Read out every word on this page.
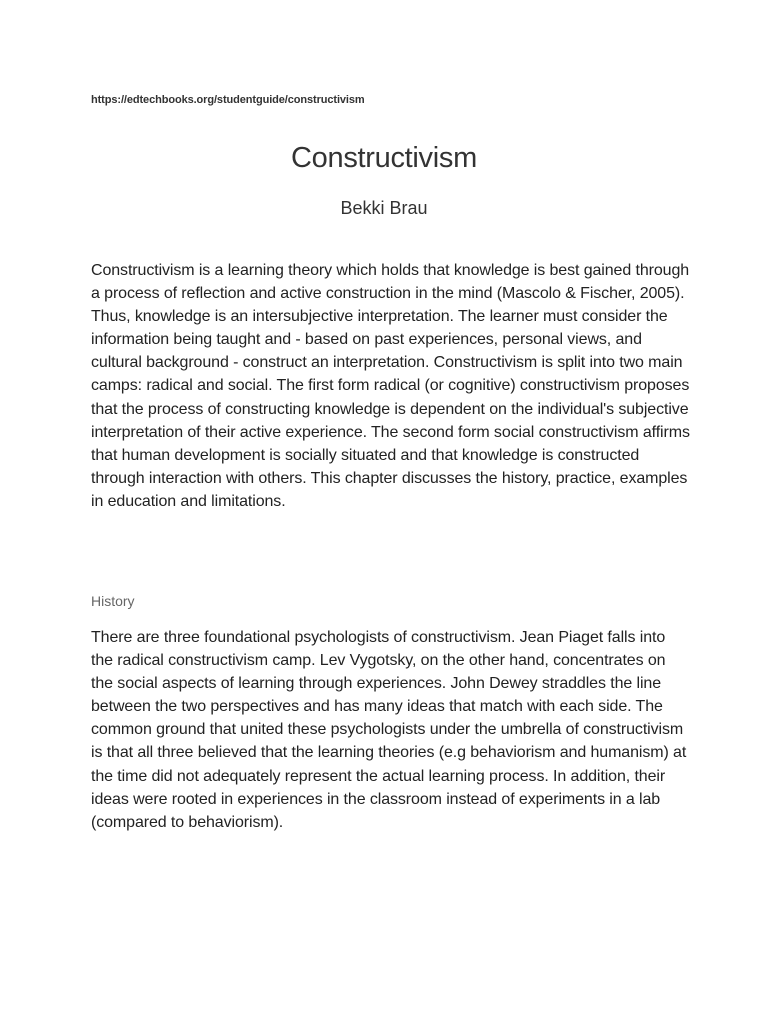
https://edtechbooks.org/studentguide/constructivism
Constructivism
Bekki Brau

Constructivism is a learning theory which holds that knowledge is best gained through a process of reflection and active construction in the mind (Mascolo & Fischer, 2005). Thus, knowledge is an intersubjective interpretation. The learner must consider the information being taught and - based on past experiences, personal views, and cultural background - construct an interpretation. Constructivism is split into two main camps: radical and social. The first form radical (or cognitive) constructivism proposes that the process of constructing knowledge is dependent on the individual's subjective interpretation of their active experience. The second form social constructivism affirms that human development is socially situated and that knowledge is constructed through interaction with others. This chapter discusses the history, practice, examples in education and limitations.

History

There are three foundational psychologists of constructivism. Jean Piaget falls into the radical constructivism camp. Lev Vygotsky, on the other hand, concentrates on the social aspects of learning through experiences. John Dewey straddles the line between the two perspectives and has many ideas that match with each side. The common ground that united these psychologists under the umbrella of constructivism is that all three believed that the learning theories (e.g behaviorism and humanism) at the time did not adequately represent the actual learning process. In addition, their ideas were rooted in experiences in the classroom instead of experiments in a lab (compared to behaviorism).
